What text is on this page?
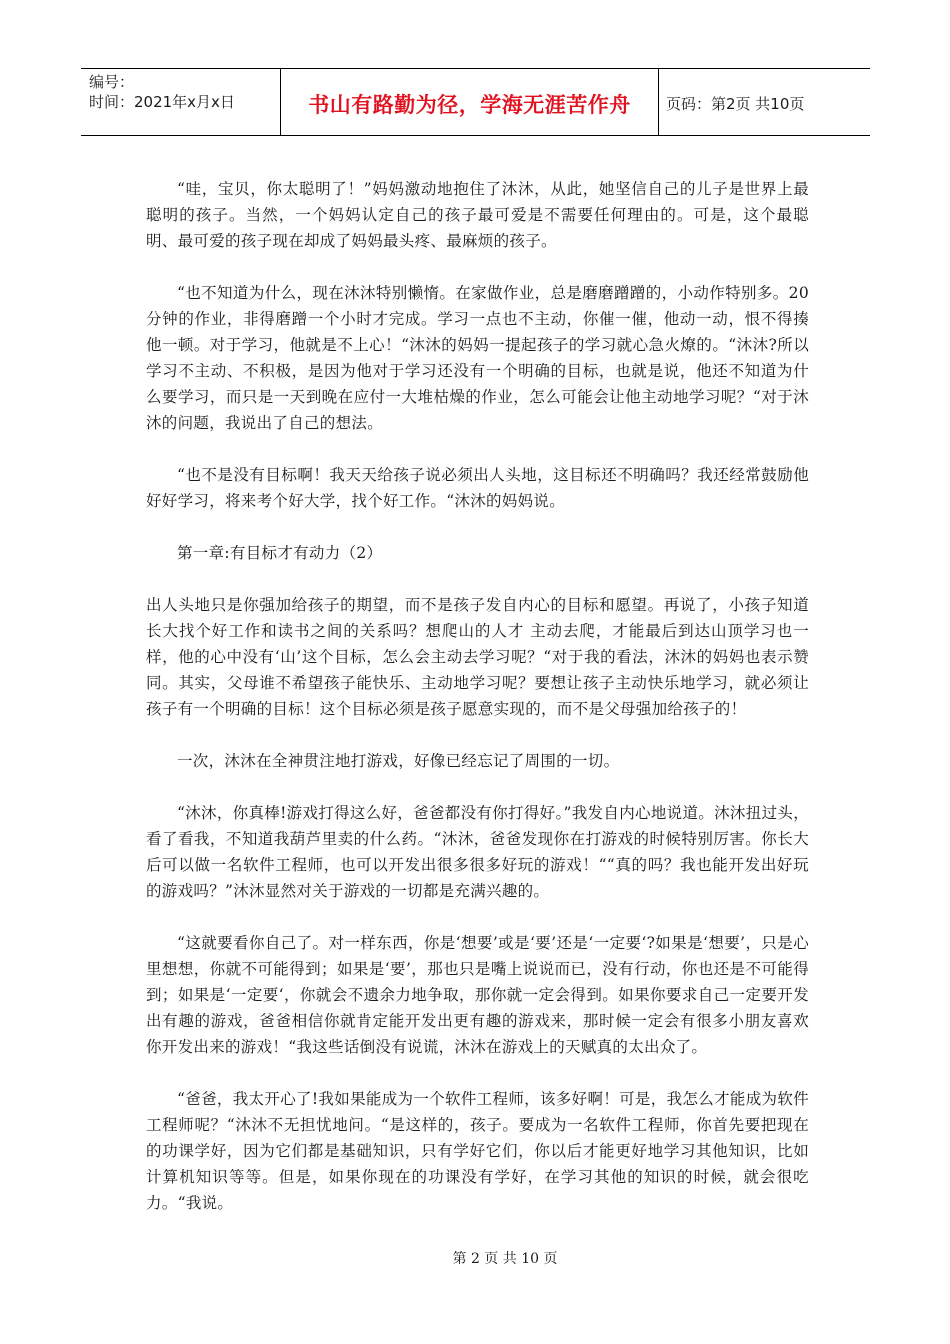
编号：
时间：2021年x月x日	书山有路勤为径，学海无涯苦作舟	页码：第2页 共10页

“哇，宝贝，你太聪明了！”妈妈激动地抱住了沐沐，从此，她坚信自己的儿子是世界上最聪明的孩子。当然，一个妈妈认定自己的孩子最可爱是不需要任何理由的。可是，这个最聪明、最可爱的孩子现在却成了妈妈最头疼、最麻烦的孩子。

“也不知道为什么，现在沐沐特别懒惰。在家做作业，总是磨磨蹭蹭的，小动作特别多。20分钟的作业，非得磨蹭一个小时才完成。学习一点也不主动，你催一催，他动一动，恨不得揍他一顿。对于学习，他就是不上心！“沐沐的妈妈一提起孩子的学习就心急火燎的。“沐沐?所以学习不主动、不积极，是因为他对于学习还没有一个明确的目标，也就是说，他还不知道为什么要学习，而只是一天到晚在应付一大堆枯燥的作业，怎么可能会让他主动地学习呢？“对于沐沐的问题，我说出了自己的想法。

“也不是没有目标啊！我天天给孩子说必须出人头地，这目标还不明确吗？我还经常鼓励他好好学习，将来考个好大学，找个好工作。“沐沐的妈妈说。

第一章:有目标才有动力（2）

出人头地只是你强加给孩子的期望，而不是孩子发自内心的目标和愿望。再说了，小孩子知道长大找个好工作和读书之间的关系吗？想爬山的人才 主动去爬，才能最后到达山顶学习也一样，他的心中没有‘山’这个目标，怎么会主动去学习呢？“对于我的看法，沐沐的妈妈也表示赞同。其实，父母谁不希望孩子能快乐、主动地学习呢？要想让孩子主动快乐地学习，就必须让孩子有一个明确的目标！这个目标必须是孩子愿意实现的，而不是父母强加给孩子的！

一次，沐沐在全神贯注地打游戏，好像已经忘记了周围的一切。

“沐沐，你真棒!游戏打得这么好，爸爸都没有你打得好。”我发自内心地说道。沐沐扭过头，看了看我，不知道我葫芦里卖的什么药。“沐沐，爸爸发现你在打游戏的时候特别厉害。你长大后可以做一名软件工程师，也可以开发出很多很多好玩的游戏！““真的吗？我也能开发出好玩的游戏吗？”沐沐显然对关于游戏的一切都是充满兴趣的。

“这就要看你自己了。对一样东西，你是‘想要’或是‘要’还是‘一定要‘?如果是‘想要’，只是心里想想，你就不可能得到；如果是‘要’，那也只是嘴上说说而已，没有行动，你也还是不可能得到；如果是‘一定要‘，你就会不遗余力地争取，那你就一定会得到。如果你要求自己一定要开发出有趣的游戏，爸爸相信你就肯定能开发出更有趣的游戏来，那时候一定会有很多小朋友喜欢你开发出来的游戏！“我这些话倒没有说谎，沐沐在游戏上的天赋真的太出众了。

“爸爸，我太开心了!我如果能成为一个软件工程师，该多好啊！可是，我怎么才能成为软件工程师呢？“沐沐不无担忧地问。“是这样的，孩子。要成为一名软件工程师，你首先要把现在的功课学好，因为它们都是基础知识，只有学好它们，你以后才能更好地学习其他知识，比如计算机知识等等。但是，如果你现在的功课没有学好，在学习其他的知识的时候，就会很吃力。“我说。

第 2 页 共 10 页
